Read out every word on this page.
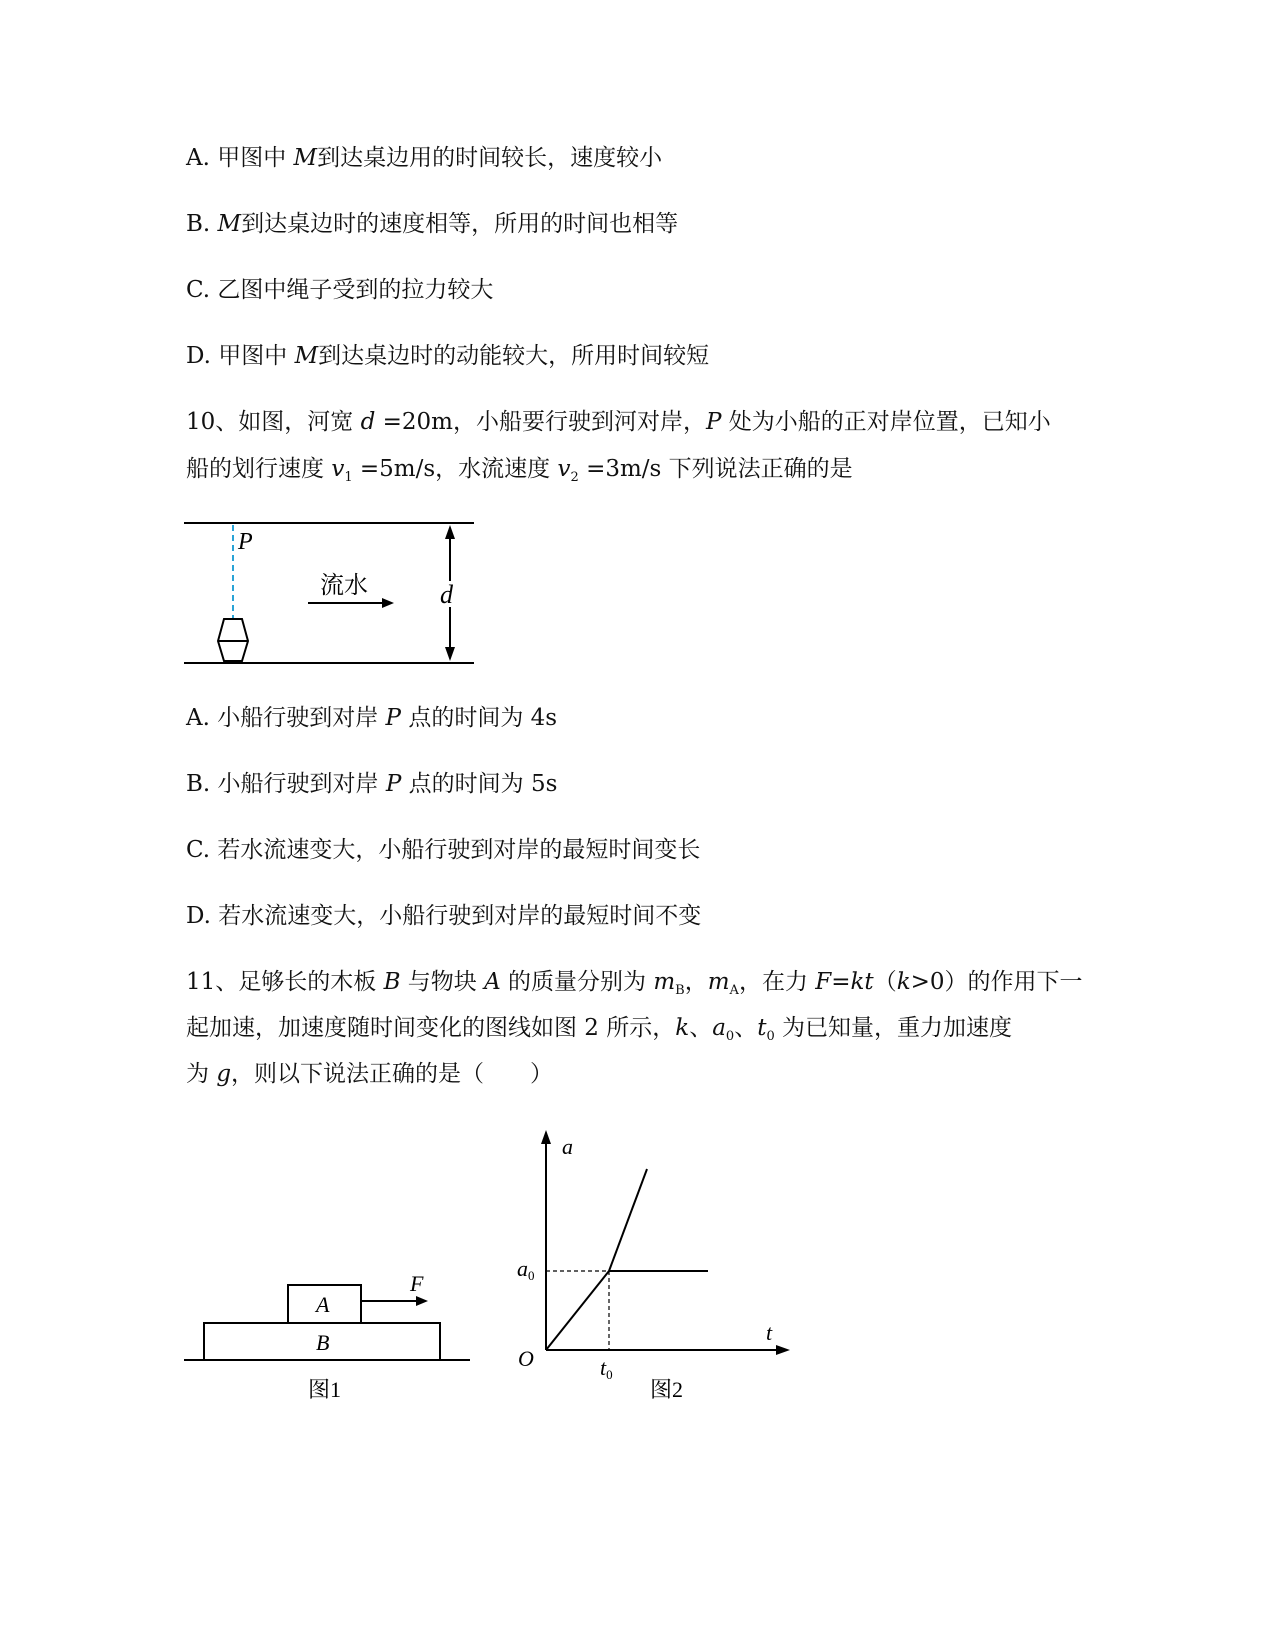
A. 甲图中 M到达桌边用的时间较长，速度较小
B. M到达桌边时的速度相等，所用的时间也相等
C. 乙图中绳子受到的拉力较大
D. 甲图中 M到达桌边时的动能较大，所用时间较短
10、如图，河宽 d =20m，小船要行驶到河对岸，P 处为小船的正对岸位置，已知小
船的划行速度 $v_1 =5m/s$，水流速度 $v_2 =3m/s$ 下列说法正确的是
P
流水	d
A. 小船行驶到对岸 P 点的时间为 4s
B. 小船行驶到对岸 P 点的时间为 5s
C. 若水流速变大，小船行驶到对岸的最短时间变长
D. 若水流速变大，小船行驶到对岸的最短时间不变
11、足够长的木板 B 与物块 A 的质量分别为 $m_B$，$m_A$，在力 F=kt（k>0）的作用下一
起加速，加速度随时间变化的图线如图 2 所示，k、$a_0$、$t_0$ 为已知量，重力加速度
为 g，则以下说法正确的是（　　）
A
B
F
图1
a
t
O
a0
t0
图2
